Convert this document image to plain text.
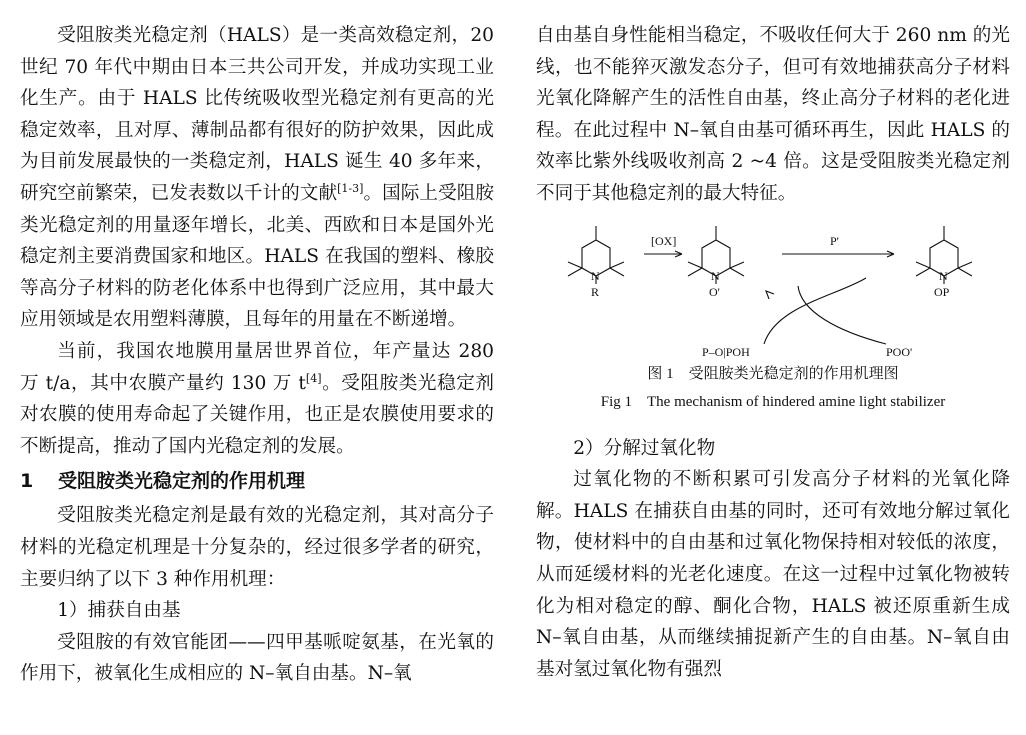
受阻胺类光稳定剂（HALS）是一类高效稳定剂，20 世纪 70 年代中期由日本三共公司开发，并成功实现工业化生产。由于 HALS 比传统吸收型光稳定剂有更高的光稳定效率，且对厚、薄制品都有很好的防护效果，因此成为目前发展最快的一类稳定剂，HALS 诞生 40 多年来，研究空前繁荣，已发表数以千计的文献[1-3]。国际上受阻胺类光稳定剂的用量逐年增长，北美、西欧和日本是国外光稳定剂主要消费国家和地区。HALS 在我国的塑料、橡胶等高分子材料的防老化体系中也得到广泛应用，其中最大应用领域是农用塑料薄膜，且每年的用量在不断递增。

当前，我国农地膜用量居世界首位，年产量达 280 万 t/a，其中农膜产量约 130 万 t[4]。受阻胺类光稳定剂对农膜的使用寿命起了关键作用，也正是农膜使用要求的不断提高，推动了国内光稳定剂的发展。

1 受阻胺类光稳定剂的作用机理

受阻胺类光稳定剂是最有效的光稳定剂，其对高分子材料的光稳定机理是十分复杂的，经过很多学者的研究，主要归纳了以下 3 种作用机理：

1）捕获自由基

受阻胺的有效官能团——四甲基哌啶氨基，在光氧的作用下，被氧化生成相应的 N–氧自由基。N–氧

自由基自身性能相当稳定，不吸收任何大于 260 nm 的光线，也不能猝灭激发态分子，但可有效地捕获高分子材料光氧化降解产生的活性自由基，终止高分子材料的老化进程。在此过程中 N–氧自由基可循环再生，因此 HALS 的效率比紫外线吸收剂高 2 ~4 倍。这是受阻胺类光稳定剂不同于其他稳定剂的最大特征。

[OX]	P'
N
R
N
O'
N
OP
P–O|POH	POO'
图 1　受阻胺类光稳定剂的作用机理图
Fig 1　The mechanism of hindered amine light stabilizer

2）分解过氧化物

过氧化物的不断积累可引发高分子材料的光氧化降解。HALS 在捕获自由基的同时，还可有效地分解过氧化物，使材料中的自由基和过氧化物保持相对较低的浓度，从而延缓材料的光老化速度。在这一过程中过氧化物被转化为相对稳定的醇、酮化合物，HALS 被还原重新生成 N–氧自由基，从而继续捕捉新产生的自由基。N–氧自由基对氢过氧化物有强烈
